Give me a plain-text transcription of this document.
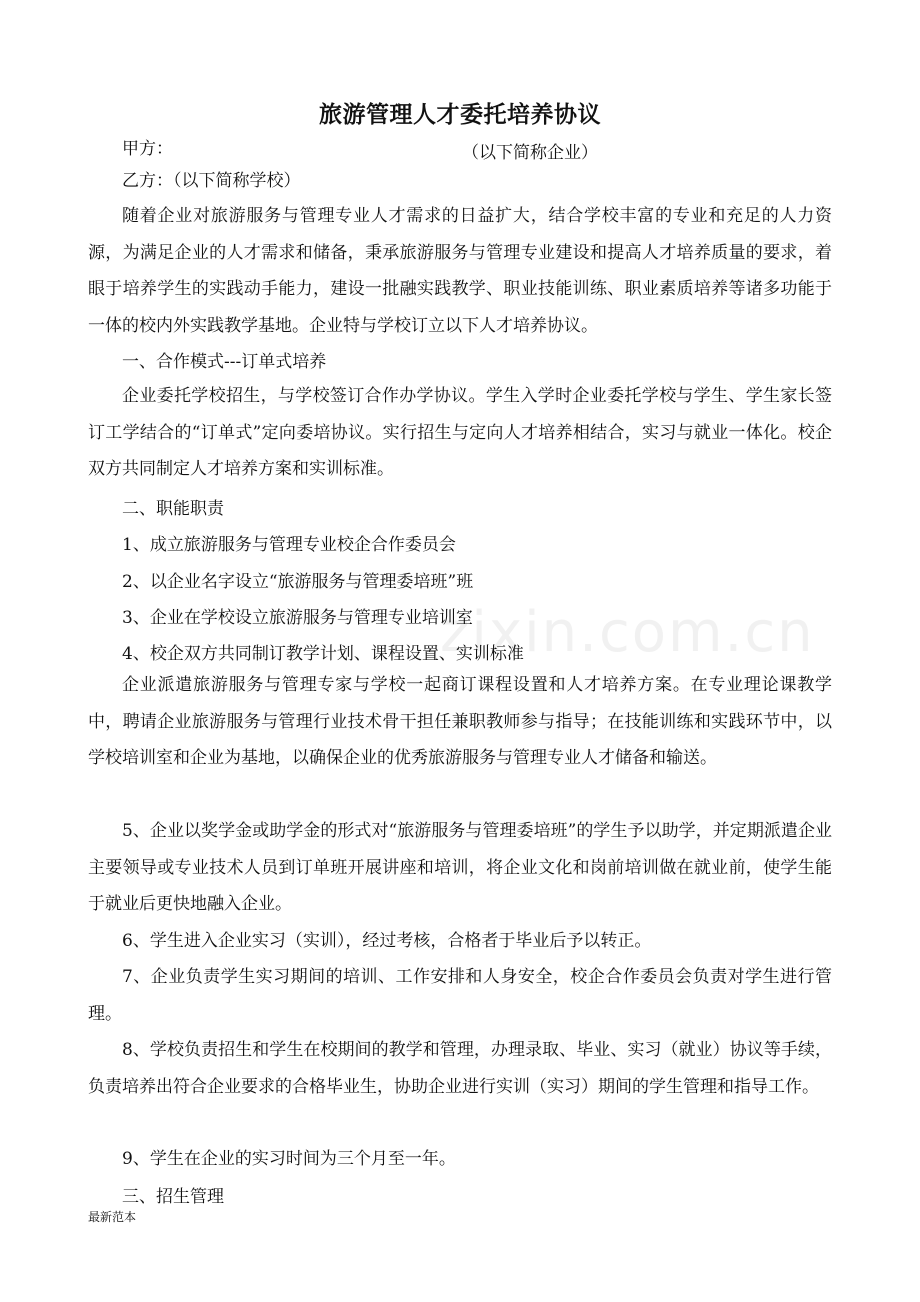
zixin.com.cn
旅游管理人才委托培养协议
甲方：	（以下简称企业）
乙方：（以下简称学校）
随着企业对旅游服务与管理专业人才需求的日益扩大，结合学校丰富的专业和充足的人力资源，为满足企业的人才需求和储备，秉承旅游服务与管理专业建设和提高人才培养质量的要求，着眼于培养学生的实践动手能力，建设一批融实践教学、职业技能训练、职业素质培养等诸多功能于一体的校内外实践教学基地。企业特与学校订立以下人才培养协议。
一、合作模式---订单式培养
企业委托学校招生，与学校签订合作办学协议。学生入学时企业委托学校与学生、学生家长签订工学结合的“订单式”定向委培协议。实行招生与定向人才培养相结合，实习与就业一体化。校企双方共同制定人才培养方案和实训标准。
二、职能职责
1、成立旅游服务与管理专业校企合作委员会
2、以企业名字设立“旅游服务与管理委培班”班
3、企业在学校设立旅游服务与管理专业培训室
4、校企双方共同制订教学计划、课程设置、实训标准
企业派遣旅游服务与管理专家与学校一起商订课程设置和人才培养方案。在专业理论课教学中，聘请企业旅游服务与管理行业技术骨干担任兼职教师参与指导；在技能训练和实践环节中，以学校培训室和企业为基地，以确保企业的优秀旅游服务与管理专业人才储备和输送。
5、企业以奖学金或助学金的形式对“旅游服务与管理委培班”的学生予以助学，并定期派遣企业主要领导或专业技术人员到订单班开展讲座和培训，将企业文化和岗前培训做在就业前，使学生能于就业后更快地融入企业。
6、学生进入企业实习（实训），经过考核，合格者于毕业后予以转正。
7、企业负责学生实习期间的培训、工作安排和人身安全，校企合作委员会负责对学生进行管理。
8、学校负责招生和学生在校期间的教学和管理，办理录取、毕业、实习（就业）协议等手续，负责培养出符合企业要求的合格毕业生，协助企业进行实训（实习）期间的学生管理和指导工作。
9、学生在企业的实习时间为三个月至一年。
三、招生管理
最新范本
